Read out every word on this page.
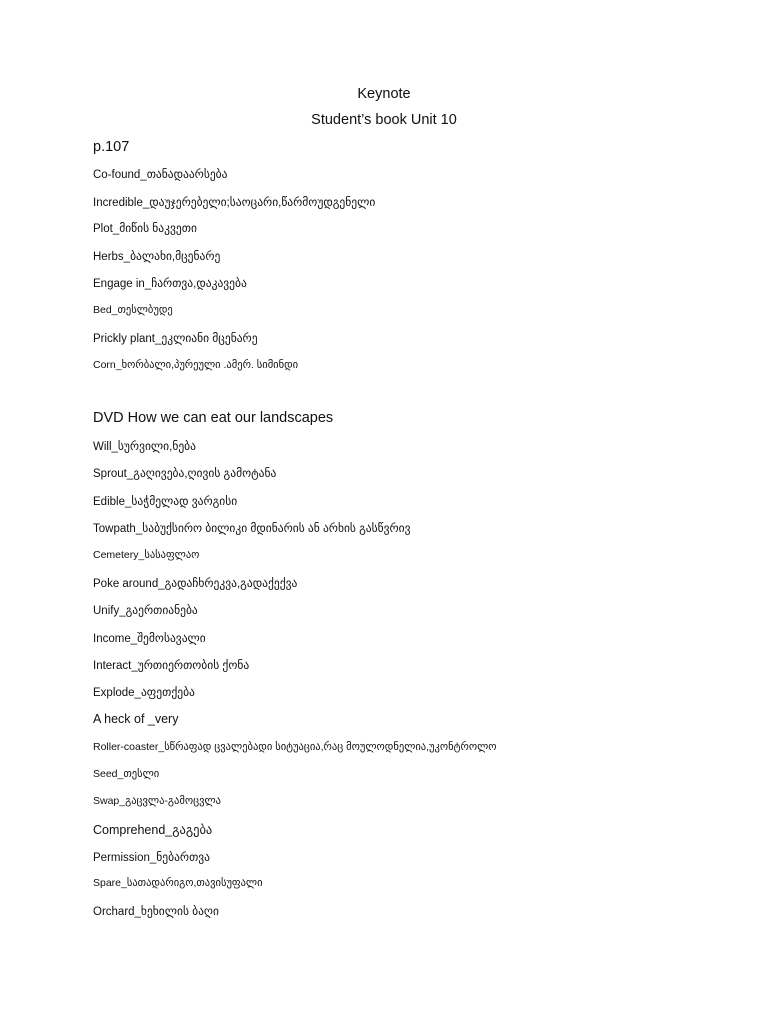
Keynote
Student’s book Unit 10
p.107
Co-found_თანადაარსება
Incredible_დაუჯერებელი;საოცარი,წარმოუდგენელი
Plot_მიწის ნაკვეთი
Herbs_ბალახი,მცენარე
Engage in_ჩართვა,დაკავება
Bed_თესლბუდე
Prickly plant_ეკლიანი მცენარე
Corn_ხორბალი,პურეული .ამერ. სიმინდი
DVD How we can eat our landscapes
Will_სურვილი,ნება
Sprout_გაღივება,ღივის გამოტანა
Edible_საჭმელად ვარგისი
Towpath_საბუქსირო ბილიკი მდინარის ან არხის გასწვრივ
Cemetery_სასაფლაო
Poke around_გადაჩხრეკვა,გადაქექვა
Unify_გაერთიანება
Income_შემოსავალი
Interact_ურთიერთობის ქონა
Explode_აფეთქება
A heck of _very
Roller-coaster_სწრაფად ცვალებადი სიტუაცია,რაც მოულოდნელია,უკონტროლო
Seed_თესლი
Swap_გაცვლა-გამოცვლა
Comprehend_გაგება
Permission_ნებართვა
Spare_სათადარიგო,თავისუფალი
Orchard_ხეხილის ბაღი
